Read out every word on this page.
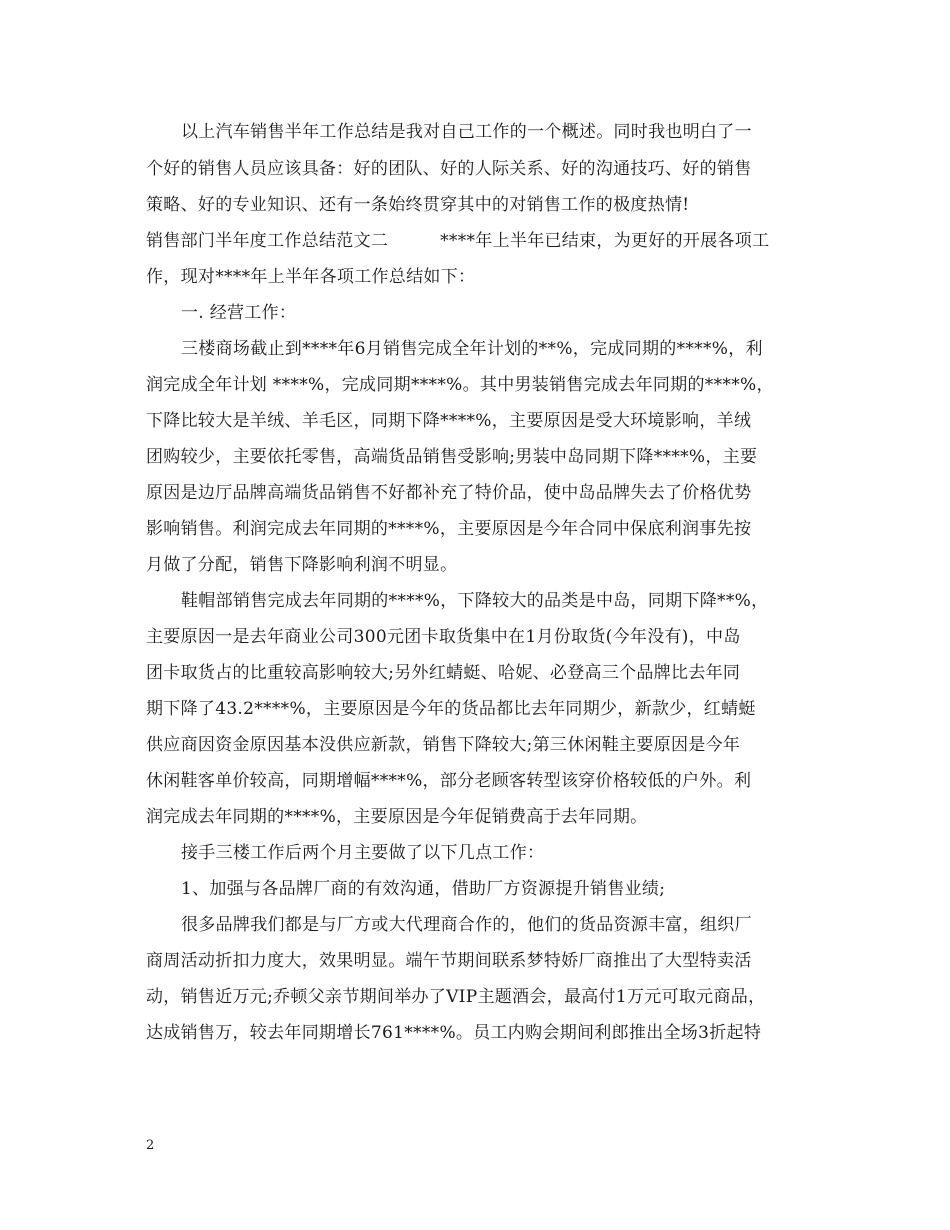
以上汽车销售半年工作总结是我对自己工作的一个概述。同时我也明白了一
个好的销售人员应该具备：好的团队、好的人际关系、好的沟通技巧、好的销售
策略、好的专业知识、还有一条始终贯穿其中的对销售工作的极度热情!
销售部门半年度工作总结范文二　　　****年上半年已结束，为更好的开展各项工
作，现对****年上半年各项工作总结如下：
一. 经营工作：
三楼商场截止到****年6月销售完成全年计划的**%，完成同期的****%，利
润完成全年计划 ****%，完成同期****%。其中男装销售完成去年同期的****%，
下降比较大是羊绒、羊毛区，同期下降****%，主要原因是受大环境影响，羊绒
团购较少，主要依托零售，高端货品销售受影响;男装中岛同期下降****%，主要
原因是边厅品牌高端货品销售不好都补充了特价品，使中岛品牌失去了价格优势
影响销售。利润完成去年同期的****%，主要原因是今年合同中保底利润事先按
月做了分配，销售下降影响利润不明显。
鞋帽部销售完成去年同期的****%，下降较大的品类是中岛，同期下降**%，
主要原因一是去年商业公司300元团卡取货集中在1月份取货(今年没有)，中岛
团卡取货占的比重较高影响较大;另外红蜻蜓、哈妮、必登高三个品牌比去年同
期下降了43.2****%，主要原因是今年的货品都比去年同期少，新款少，红蜻蜓
供应商因资金原因基本没供应新款，销售下降较大;第三休闲鞋主要原因是今年
休闲鞋客单价较高，同期增幅****%，部分老顾客转型该穿价格较低的户外。利
润完成去年同期的****%，主要原因是今年促销费高于去年同期。
接手三楼工作后两个月主要做了以下几点工作：
1、加强与各品牌厂商的有效沟通，借助厂方资源提升销售业绩;
很多品牌我们都是与厂方或大代理商合作的，他们的货品资源丰富，组织厂
商周活动折扣力度大，效果明显。端午节期间联系梦特娇厂商推出了大型特卖活
动，销售近万元;乔顿父亲节期间举办了VIP主题酒会，最高付1万元可取元商品，
达成销售万，较去年同期增长761****%。员工内购会期间利郎推出全场3折起特
2
